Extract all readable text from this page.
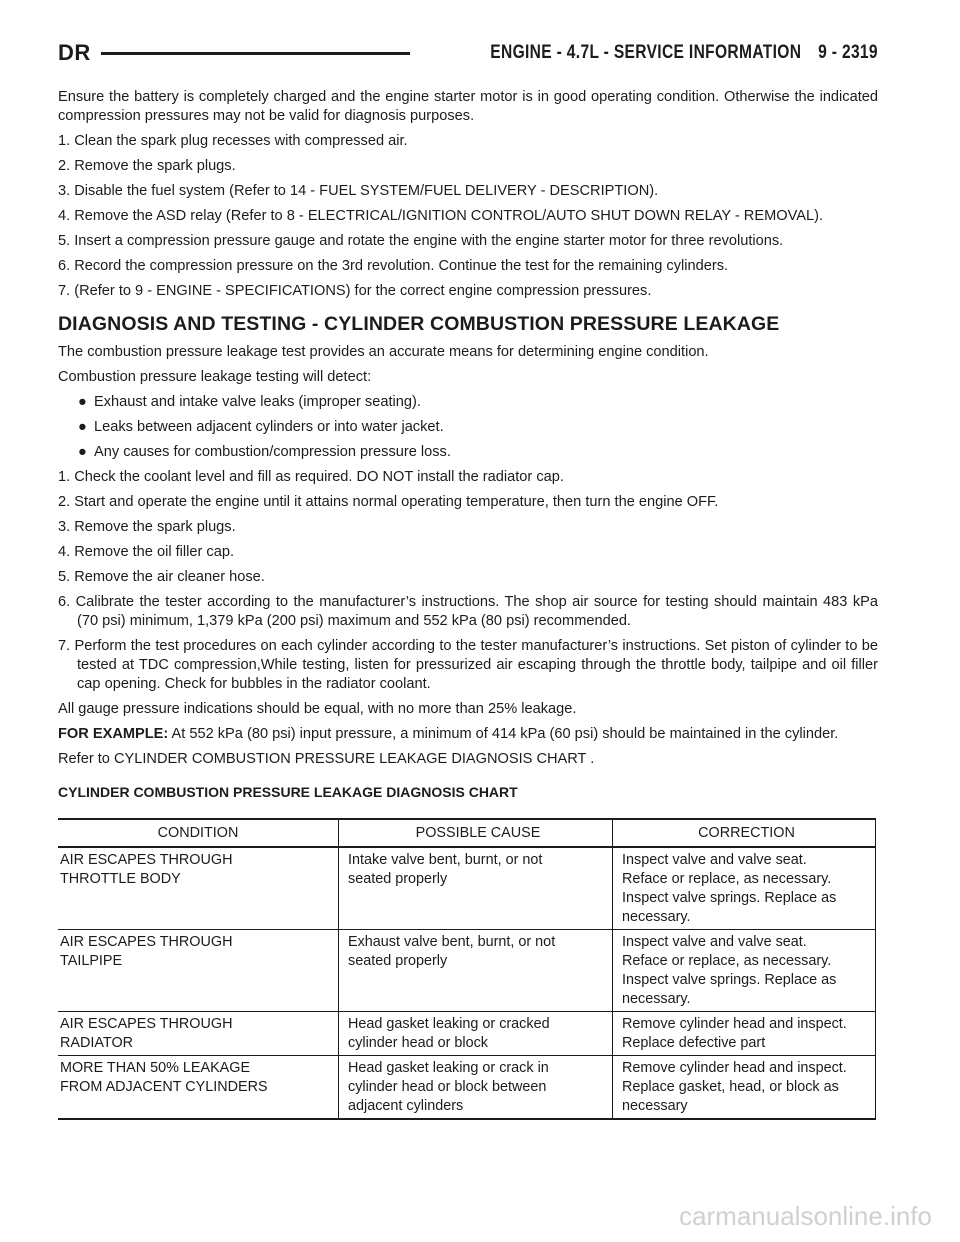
DR	ENGINE - 4.7L - SERVICE INFORMATION 9 - 2319

Ensure the battery is completely charged and the engine starter motor is in good operating condition. Otherwise the indicated compression pressures may not be valid for diagnosis purposes.

1. Clean the spark plug recesses with compressed air.
2. Remove the spark plugs.
3. Disable the fuel system (Refer to 14 - FUEL SYSTEM/FUEL DELIVERY - DESCRIPTION).
4. Remove the ASD relay (Refer to 8 - ELECTRICAL/IGNITION CONTROL/AUTO SHUT DOWN RELAY - REMOVAL).
5. Insert a compression pressure gauge and rotate the engine with the engine starter motor for three revolutions.
6. Record the compression pressure on the 3rd revolution. Continue the test for the remaining cylinders.
7. (Refer to 9 - ENGINE - SPECIFICATIONS) for the correct engine compression pressures.
DIAGNOSIS AND TESTING - CYLINDER COMBUSTION PRESSURE LEAKAGE

The combustion pressure leakage test provides an accurate means for determining engine condition.

Combustion pressure leakage testing will detect:

● Exhaust and intake valve leaks (improper seating).
● Leaks between adjacent cylinders or into water jacket.
● Any causes for combustion/compression pressure loss.
1. Check the coolant level and fill as required. DO NOT install the radiator cap.
2. Start and operate the engine until it attains normal operating temperature, then turn the engine OFF.
3. Remove the spark plugs.
4. Remove the oil filler cap.
5. Remove the air cleaner hose.
6. Calibrate the tester according to the manufacturer’s instructions. The shop air source for testing should maintain 483 kPa (70 psi) minimum, 1,379 kPa (200 psi) maximum and 552 kPa (80 psi) recommended.
7. Perform the test procedures on each cylinder according to the tester manufacturer’s instructions. Set piston of cylinder to be tested at TDC compression,While testing, listen for pressurized air escaping through the throttle body, tailpipe and oil filler cap opening. Check for bubbles in the radiator coolant.

All gauge pressure indications should be equal, with no more than 25% leakage.

FOR EXAMPLE: At 552 kPa (80 psi) input pressure, a minimum of 414 kPa (60 psi) should be maintained in the cylinder.

Refer to CYLINDER COMBUSTION PRESSURE LEAKAGE DIAGNOSIS CHART .

CYLINDER COMBUSTION PRESSURE LEAKAGE DIAGNOSIS CHART
CONDITION	POSSIBLE CAUSE	CORRECTION

AIR ESCAPES THROUGH
THROTTLE BODY	Intake valve bent, burnt, or not
seated properly	Inspect valve and valve seat.
Reface or replace, as necessary.
Inspect valve springs. Replace as
necessary.

AIR ESCAPES THROUGH
TAILPIPE	Exhaust valve bent, burnt, or not
seated properly	Inspect valve and valve seat.
Reface or replace, as necessary.
Inspect valve springs. Replace as
necessary.

AIR ESCAPES THROUGH
RADIATOR	Head gasket leaking or cracked
cylinder head or block	Remove cylinder head and inspect.
Replace defective part

MORE THAN 50% LEAKAGE
FROM ADJACENT CYLINDERS	Head gasket leaking or crack in
cylinder head or block between
adjacent cylinders	Remove cylinder head and inspect.
Replace gasket, head, or block as
necessary
carmanualsonline.info
